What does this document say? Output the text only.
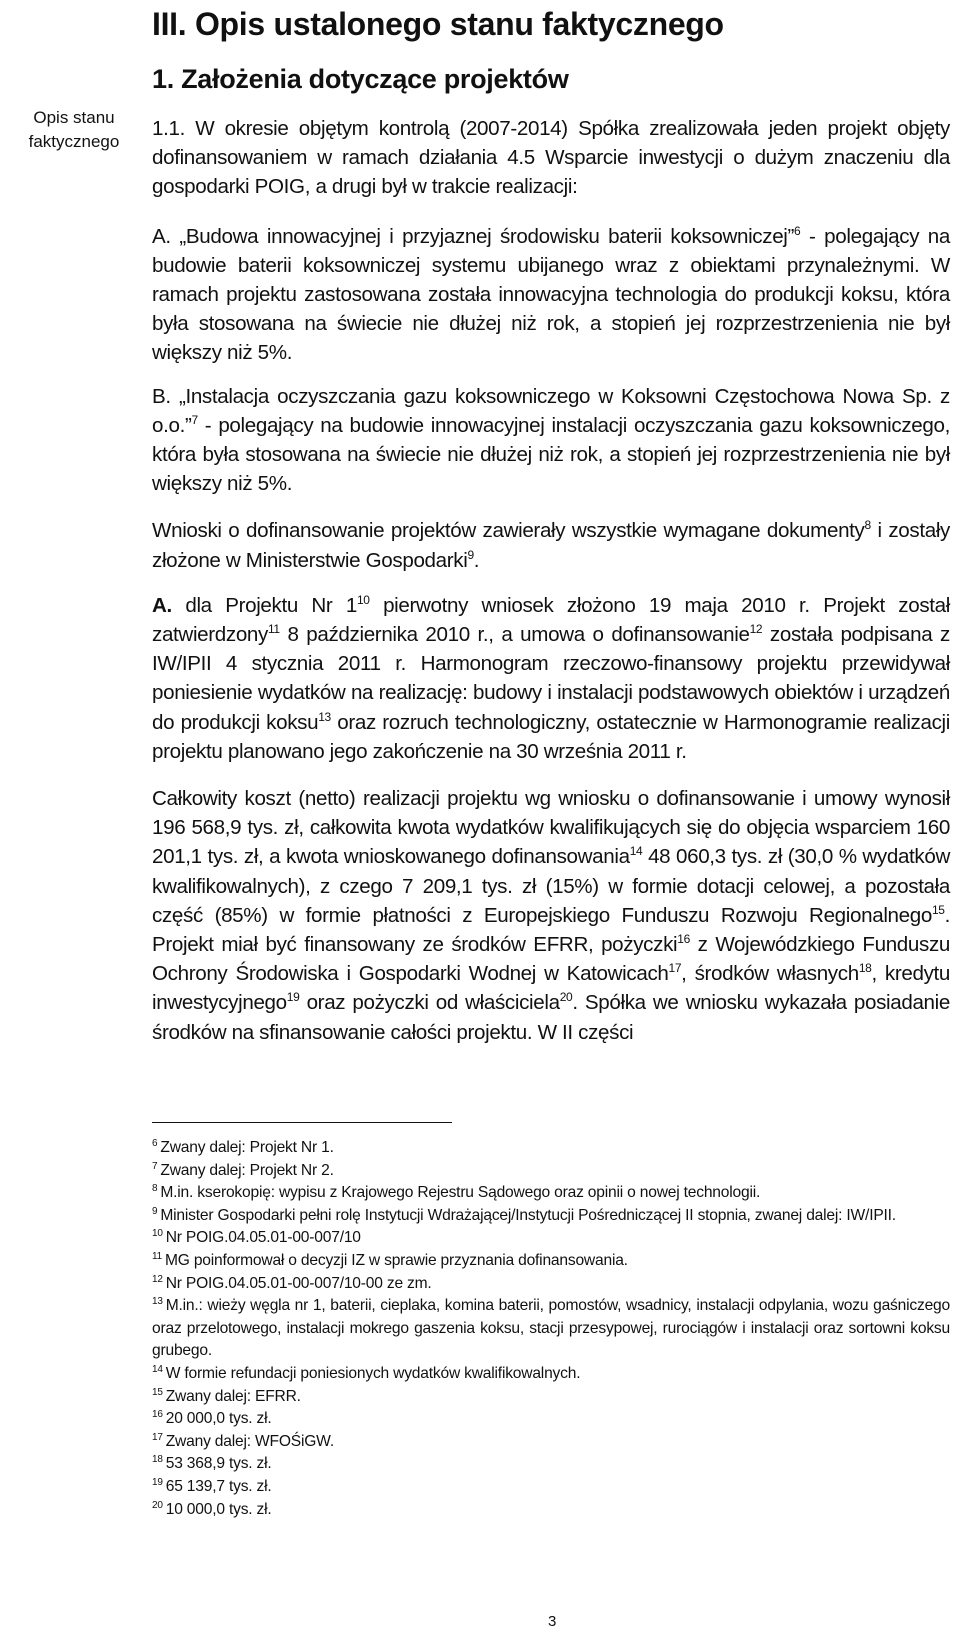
Opis stanu
faktycznego
III. Opis ustalonego stanu faktycznego
1. Założenia dotyczące projektów

1.1. W okresie objętym kontrolą (2007-2014) Spółka zrealizowała jeden projekt objęty dofinansowaniem w ramach działania 4.5 Wsparcie inwestycji o dużym znaczeniu dla gospodarki POIG, a drugi był w trakcie realizacji:

A. „Budowa innowacyjnej i przyjaznej środowisku baterii koksowniczej”$^6$ - polegający na budowie baterii koksowniczej systemu ubijanego wraz z obiektami przynależnymi. W ramach projektu zastosowana została innowacyjna technologia do produkcji koksu, która była stosowana na świecie nie dłużej niż rok, a stopień jej rozprzestrzenienia nie był większy niż 5%.

B. „Instalacja oczyszczania gazu koksowniczego w Koksowni Częstochowa Nowa Sp. z o.o.”$^7$ - polegający na budowie innowacyjnej instalacji oczyszczania gazu koksowniczego, która była stosowana na świecie nie dłużej niż rok, a stopień jej rozprzestrzenienia nie był większy niż 5%.

Wnioski o dofinansowanie projektów zawierały wszystkie wymagane dokumenty$^8$ i zostały złożone w Ministerstwie Gospodarki$^9$.

A. dla Projektu Nr $1^{10}$ pierwotny wniosek złożono 19 maja 2010 r. Projekt został zatwierdzony$^{11}$ 8 października 2010 r., a umowa o dofinansowanie$^{12}$ została podpisana z IW/IPII 4 stycznia 2011 r. Harmonogram rzeczowo-finansowy projektu przewidywał poniesienie wydatków na realizację: budowy i instalacji podstawowych obiektów i urządzeń do produkcji koksu$^{13}$ oraz rozruch technologiczny, ostatecznie w Harmonogramie realizacji projektu planowano jego zakończenie na 30 września 2011 r.

Całkowity koszt (netto) realizacji projektu wg wniosku o dofinansowanie i umowy wynosił 196 568,9 tys. zł, całkowita kwota wydatków kwalifikujących się do objęcia wsparciem 160 201,1 tys. zł, a kwota wnioskowanego dofinansowania$^{14}$ 48 060,3 tys. zł (30,0 % wydatków kwalifikowalnych), z czego 7 209,1 tys. zł (15%) w formie dotacji celowej, a pozostała część (85%) w formie płatności z Europejskiego Funduszu Rozwoju Regionalnego$^{15}$. Projekt miał być finansowany ze środków EFRR, pożyczki$^{16}$ z Wojewódzkiego Funduszu Ochrony Środowiska i Gospodarki Wodnej w Katowicach$^{17}$, środków własnych$^{18}$, kredytu inwestycyjnego$^{19}$ oraz pożyczki od właściciela$^{20}$. Spółka we wniosku wykazała posiadanie środków na sfinansowanie całości projektu. W II części

$^6$ Zwany dalej: Projekt Nr 1.

$^7$ Zwany dalej: Projekt Nr 2.

$^8$ M.in. kserokopię: wypisu z Krajowego Rejestru Sądowego oraz opinii o nowej technologii.

$^9$ Minister Gospodarki pełni rolę Instytucji Wdrażającej/Instytucji Pośredniczącej II stopnia, zwanej dalej: IW/IPII.

$^{10}$ Nr POIG.04.05.01-00-007/10

$^{11}$ MG poinformował o decyzji IZ w sprawie przyznania dofinansowania.

$^{12}$ Nr POIG.04.05.01-00-007/10-00 ze zm.

$^{13}$ M.in.: wieży węgla nr 1, baterii, cieplaka, komina baterii, pomostów, wsadnicy, instalacji odpylania, wozu gaśniczego oraz przelotowego, instalacji mokrego gaszenia koksu, stacji przesypowej, rurociągów i instalacji oraz sortowni koksu grubego.

$^{14}$ W formie refundacji poniesionych wydatków kwalifikowalnych.

$^{15}$ Zwany dalej: EFRR.

$^{16}$ 20 000,0 tys. zł.

$^{17}$ Zwany dalej: WFOŚiGW.

$^{18}$ 53 368,9 tys. zł.

$^{19}$ 65 139,7 tys. zł.

$^{20}$ 10 000,0 tys. zł.

3
